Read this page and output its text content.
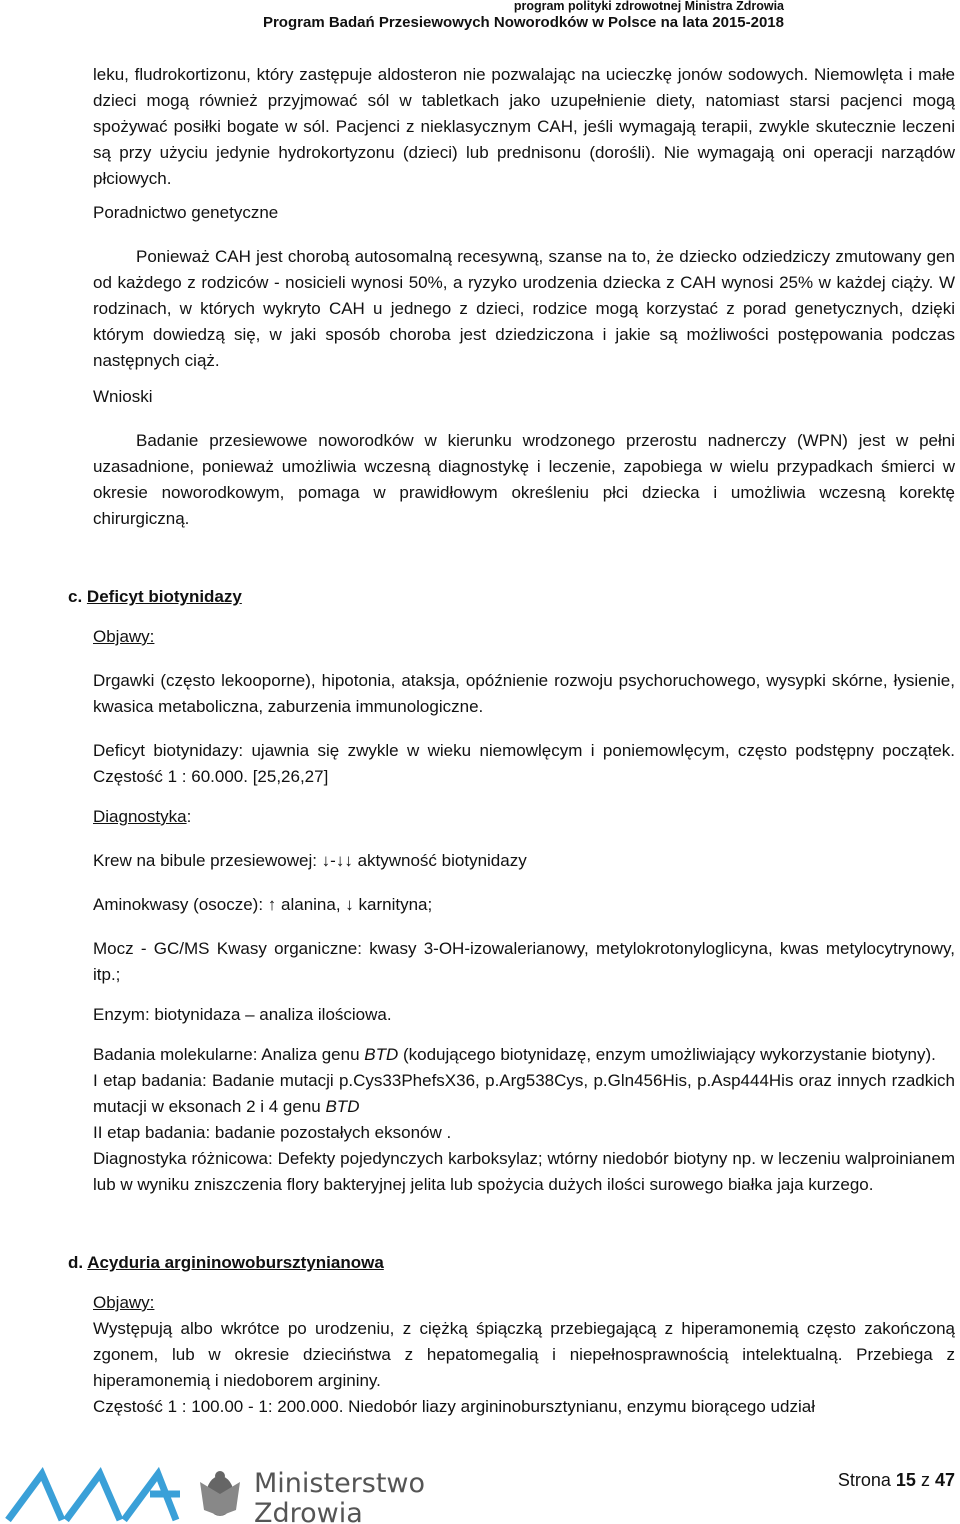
program polityki zdrowotnej Ministra Zdrowia
Program Badań Przesiewowych Noworodków w Polsce na lata 2015-2018

leku, fludrokortizonu, który zastępuje aldosteron nie pozwalając na ucieczkę jonów sodowych. Niemowlęta i małe dzieci mogą również przyjmować sól w tabletkach jako uzupełnienie diety, natomiast starsi pacjenci mogą spożywać posiłki bogate w sól. Pacjenci z nieklasycznym CAH, jeśli wymagają terapii, zwykle skutecznie leczeni są przy użyciu jedynie hydrokortyzonu (dzieci) lub prednisonu (dorośli). Nie wymagają oni operacji narządów płciowych.

Poradnictwo genetyczne

Ponieważ CAH jest chorobą autosomalną recesywną, szanse na to, że dziecko odziedziczy zmutowany gen od każdego z rodziców - nosicieli wynosi 50%, a ryzyko urodzenia dziecka z CAH wynosi 25% w każdej ciąży. W rodzinach, w których wykryto CAH u jednego z dzieci, rodzice mogą korzystać z porad genetycznych, dzięki którym dowiedzą się, w jaki sposób choroba jest dziedziczona i jakie są możliwości postępowania podczas następnych ciąż.

Wnioski

Badanie przesiewowe noworodków w kierunku wrodzonego przerostu nadnerczy (WPN) jest w pełni uzasadnione, ponieważ umożliwia wczesną diagnostykę i leczenie, zapobiega w wielu przypadkach śmierci w okresie noworodkowym, pomaga w prawidłowym określeniu płci dziecka i umożliwia wczesną korektę chirurgiczną.

c. Deficyt biotynidazy
Objawy:

Drgawki (często lekooporne), hipotonia, ataksja, opóźnienie rozwoju psychoruchowego, wysypki skórne, łysienie, kwasica metaboliczna, zaburzenia immunologiczne.

Deficyt biotynidazy: ujawnia się zwykle w wieku niemowlęcym i poniemowlęcym, często podstępny początek. Częstość 1 : 60.000. [25,26,27]

Diagnostyka:

Krew na bibule przesiewowej: ↓-↓↓ aktywność biotynidazy

Aminokwasy (osocze): ↑ alanina, ↓ karnityna;

Mocz - GC/MS Kwasy organiczne: kwasy 3-OH-izowalerianowy, metylokrotonyloglicyna, kwas metylocytrynowy, itp.;

Enzym: biotynidaza – analiza ilościowa.

Badania molekularne: Analiza genu BTD (kodującego biotynidazę, enzym umożliwiający wykorzystanie biotyny).

I etap badania: Badanie mutacji p.Cys33PhefsX36, p.Arg538Cys, p.Gln456His, p.Asp444His oraz innych rzadkich mutacji w eksonach 2 i 4 genu BTD

II etap badania: badanie pozostałych eksonów .

Diagnostyka różnicowa: Defekty pojedynczych karboksylaz; wtórny niedobór biotyny np. w leczeniu walproinianem lub w wyniku zniszczenia flory bakteryjnej jelita lub spożycia dużych ilości surowego białka jaja kurzego.

d. Acyduria argininowobursztynianowa
Objawy:

Występują albo wkrótce po urodzeniu, z ciężką śpiączką przebiegającą z hiperamonemią często zakończoną zgonem, lub w okresie dzieciństwa z hepatomegalią i niepełnosprawnością intelektualną. Przebiega z hiperamonemią i niedoborem argininy.

Częstość 1 : 100.00 - 1: 200.000. Niedobór liazy argininobursztynianu, enzymu biorącego udział

Ministerstwo
Zdrowia
Strona 15 z 47
